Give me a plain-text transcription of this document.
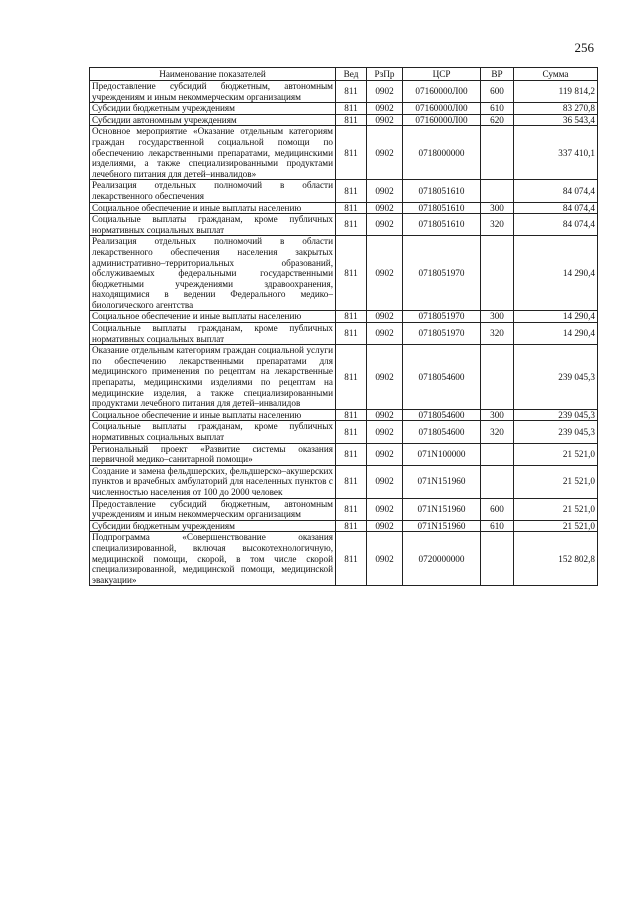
256
Наименование показателей	Вед	РзПр	ЦСР	ВР	Сумма
Предоставление субсидий бюджетным, автономным учреждениям и иным некоммерческим организациям	811	0902	07160000Л00	600	119 814,2
Субсидии бюджетным учреждениям	811	0902	07160000Л00	610	83 270,8
Субсидии автономным учреждениям	811	0902	07160000Л00	620	36 543,4
Основное мероприятие «Оказание отдельным категориям граждан государственной социальной помощи по обеспечению лекарственными препаратами, медицинскими изделиями, а также специализированными продуктами лечебного питания для детей–инвалидов»	811	0902	0718000000		337 410,1
Реализация отдельных полномочий в области лекарственного обеспечения	811	0902	0718051610		84 074,4
Социальное обеспечение и иные выплаты населению	811	0902	0718051610	300	84 074,4
Социальные выплаты гражданам, кроме публичных нормативных социальных выплат	811	0902	0718051610	320	84 074,4
Реализация отдельных полномочий в области лекарственного обеспечения населения закрытых административно–территориальных образований, обслуживаемых федеральными государственными бюджетными учреждениями здравоохранения, находящимися в ведении Федерального медико–биологического агентства	811	0902	0718051970		14 290,4
Социальное обеспечение и иные выплаты населению	811	0902	0718051970	300	14 290,4
Социальные выплаты гражданам, кроме публичных нормативных социальных выплат	811	0902	0718051970	320	14 290,4
Оказание отдельным категориям граждан социальной услуги по обеспечению лекарственными препаратами для медицинского применения по рецептам на лекарственные препараты, медицинскими изделиями по рецептам на медицинские изделия, а также специализированными продуктами лечебного питания для детей–инвалидов	811	0902	0718054600		239 045,3
Социальное обеспечение и иные выплаты населению	811	0902	0718054600	300	239 045,3
Социальные выплаты гражданам, кроме публичных нормативных социальных выплат	811	0902	0718054600	320	239 045,3
Региональный проект «Развитие системы оказания первичной медико–санитарной помощи»	811	0902	071N100000		21 521,0
Создание и замена фельдшерских, фельдшерско–акушерских пунктов и врачебных амбулаторий для населенных пунктов с численностью населения от 100 до 2000 человек	811	0902	071N151960		21 521,0
Предоставление субсидий бюджетным, автономным учреждениям и иным некоммерческим организациям	811	0902	071N151960	600	21 521,0
Субсидии бюджетным учреждениям	811	0902	071N151960	610	21 521,0
Подпрограмма «Совершенствование оказания специализированной, включая высокотехнологичную, медицинской помощи, скорой, в том числе скорой специализированной, медицинской помощи, медицинской эвакуации»	811	0902	0720000000		152 802,8
